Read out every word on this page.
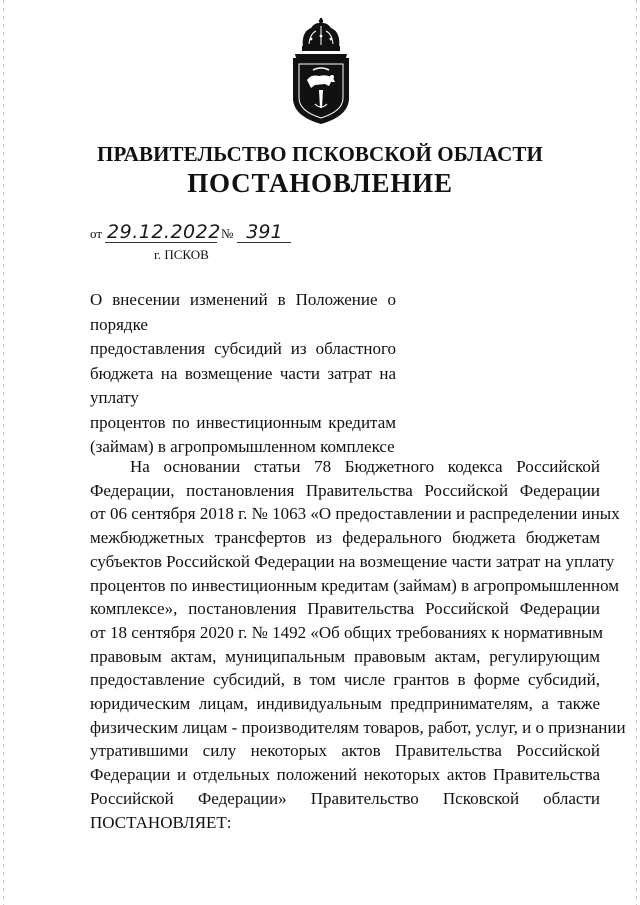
ПРАВИТЕЛЬСТВО ПСКОВСКОЙ ОБЛАСТИ
ПОСТАНОВЛЕНИЕ
от 29.12.2022№ 391
г. ПСКОВ
О внесении изменений в Положение о порядке
предоставления субсидий из областного
бюджета на возмещение части затрат на уплату
процентов по инвестиционным кредитам
(займам) в агропромышленном комплексе
На основании статьи 78 Бюджетного кодекса Российской
Федерации, постановления Правительства Российской Федерации
от 06 сентября 2018 г. № 1063 «О предоставлении и распределении иных
межбюджетных трансфертов из федерального бюджета бюджетам
субъектов Российской Федерации на возмещение части затрат на уплату
процентов по инвестиционным кредитам (займам) в агропромышленном
комплексе», постановления Правительства Российской Федерации
от 18 сентября 2020 г. № 1492 «Об общих требованиях к нормативным
правовым актам, муниципальным правовым актам, регулирующим
предоставление субсидий, в том числе грантов в форме субсидий,
юридическим лицам, индивидуальным предпринимателям, а также
физическим лицам - производителям товаров, работ, услуг, и о признании
утратившими силу некоторых актов Правительства Российской
Федерации и отдельных положений некоторых актов Правительства
Российской Федерации» Правительство Псковской области
ПОСТАНОВЛЯЕТ:
